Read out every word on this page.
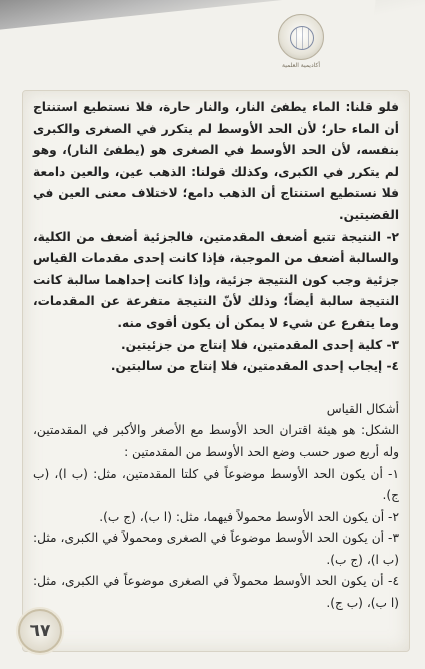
أكاديمية العلمية

فلو قلنا: الماء يطفئ النار، والنار حارة، فلا نستطيع استنتاج أن الماء حار؛ لأن الحد الأوسط لم يتكرر في الصغرى والكبرى بنفسه، لأن الحد الأوسط في الصغرى هو (يطفئ النار)، وهو لم يتكرر في الكبرى، وكذلك قولنا: الذهب عين، والعين دامعة فلا نستطيع استنتاج أن الذهب دامع؛ لاختلاف معنى العين في القضيتين.

٢- النتيجة تتبع أضعف المقدمتين، فالجزئية أضعف من الكلية، والسالبة أضعف من الموجبة، فإذا كانت إحدى مقدمات القياس جزئية وجب كون النتيجة جزئية، وإذا كانت إحداهما سالبة كانت النتيجة سالبة أيضاً؛ وذلك لأنّ النتيجة متفرعة عن المقدمات، وما يتفرع عن شيء لا يمكن أن يكون أقوى منه.

٣- كلية إحدى المقدمتين، فلا إنتاج من جزئيتين.

٤- إيجاب إحدى المقدمتين، فلا إنتاج من سالبتين.

أشكال القياس

الشكل: هو هيئة اقتران الحد الأوسط مع الأصغر والأكبر في المقدمتين، وله أربع صور حسب وضع الحد الأوسط من المقدمتين :

١- أن يكون الحد الأوسط موضوعاً في كلتا المقدمتين، مثل: (ب ا)، (ب ج).

٢- أن يكون الحد الأوسط محمولاً فيهما، مثل: (ا ب)، (ج ب).

٣- أن يكون الحد الأوسط موضوعاً في الصغرى ومحمولاً في الكبرى، مثل: (ب ا)، (ج ب).

٤- أن يكون الحد الأوسط محمولاً في الصغرى موضوعاً في الكبرى، مثل: (ا ب)، (ب ج).

٦٧
